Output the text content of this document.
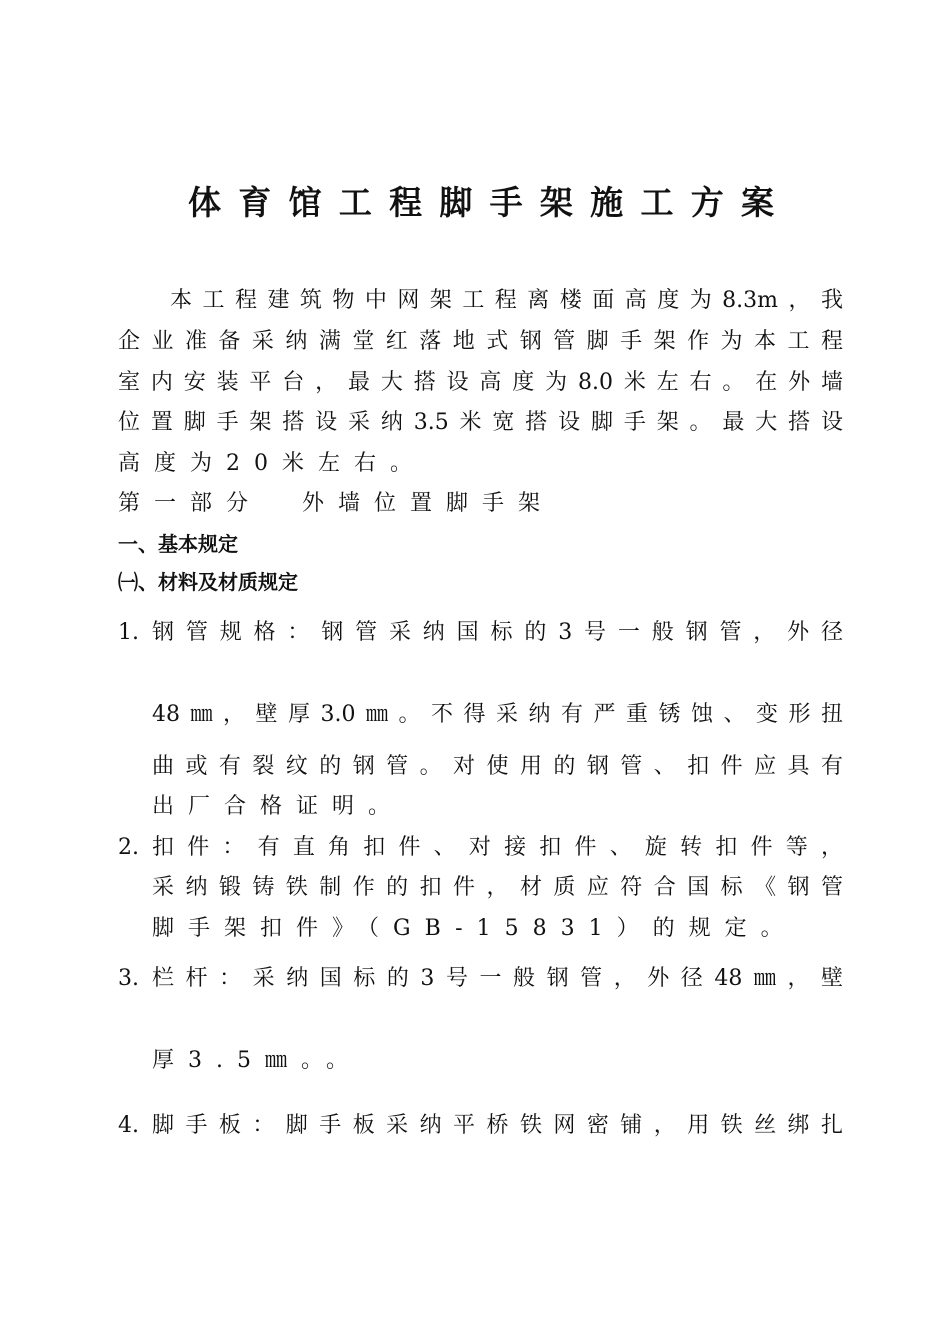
体育馆工程脚手架施工方案
本工程建筑物中网架工程离楼面高度为8.3m，我
企业准备采纳满堂红落地式钢管脚手架作为本工程
室内安装平台，最大搭设高度为8.0米左右。在外墙
位置脚手架搭设采纳3.5米宽搭设脚手架。最大搭设
高度为20米左右。
第一部分 外墙位置脚手架
一、基本规定
㈠、材料及材质规定
1. 钢管规格：钢管采纳国标的3号一般钢管，外径
48㎜，壁厚3.0㎜。不得采纳有严重锈蚀、变形扭
曲或有裂纹的钢管。对使用的钢管、扣件应具有
出厂合格证明。
2. 扣件：有直角扣件、对接扣件、旋转扣件等，
采纳锻铸铁制作的扣件，材质应符合国标《钢管
脚手架扣件》（GB-15831）的规定。
3. 栏杆：采纳国标的3号一般钢管，外径48㎜，壁
厚3.5㎜。。
4. 脚手板：脚手板采纳平桥铁网密铺，用铁丝绑扎
